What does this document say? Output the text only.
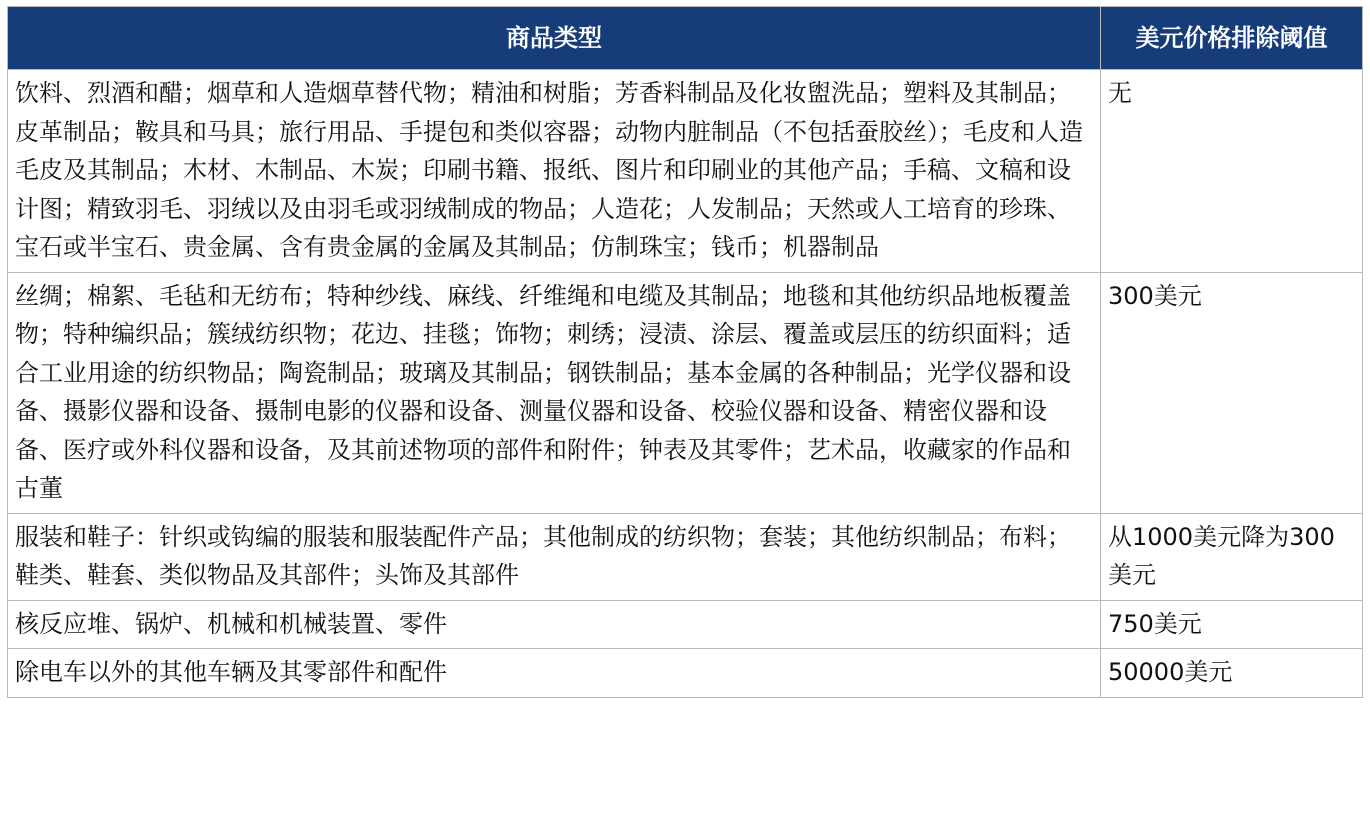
商品类型	美元价格排除阈值
饮料、烈酒和醋；烟草和人造烟草替代物；精油和树脂；芳香料制品及化妆盥洗品；塑料及其制品；皮革制品；鞍具和马具；旅行用品、手提包和类似容器；动物内脏制品（不包括蚕胶丝）；毛皮和人造毛皮及其制品；木材、木制品、木炭；印刷书籍、报纸、图片和印刷业的其他产品；手稿、文稿和设计图；精致羽毛、羽绒以及由羽毛或羽绒制成的物品；人造花；人发制品；天然或人工培育的珍珠、宝石或半宝石、贵金属、含有贵金属的金属及其制品；仿制珠宝；钱币；机器制品	无
丝绸；棉絮、毛毡和无纺布；特种纱线、麻线、纤维绳和电缆及其制品；地毯和其他纺织品地板覆盖物；特种编织品；簇绒纺织物；花边、挂毯；饰物；刺绣；浸渍、涂层、覆盖或层压的纺织面料；适合工业用途的纺织物品；陶瓷制品；玻璃及其制品；钢铁制品；基本金属的各种制品；光学仪器和设备、摄影仪器和设备、摄制电影的仪器和设备、测量仪器和设备、校验仪器和设备、精密仪器和设备、医疗或外科仪器和设备，及其前述物项的部件和附件；钟表及其零件；艺术品，收藏家的作品和古董	300美元
服装和鞋子：针织或钩编的服装和服装配件产品；其他制成的纺织物；套装；其他纺织制品；布料；鞋类、鞋套、类似物品及其部件；头饰及其部件	从1000美元降为300美元
核反应堆、锅炉、机械和机械装置、零件	750美元
除电车以外的其他车辆及其零部件和配件	50000美元
